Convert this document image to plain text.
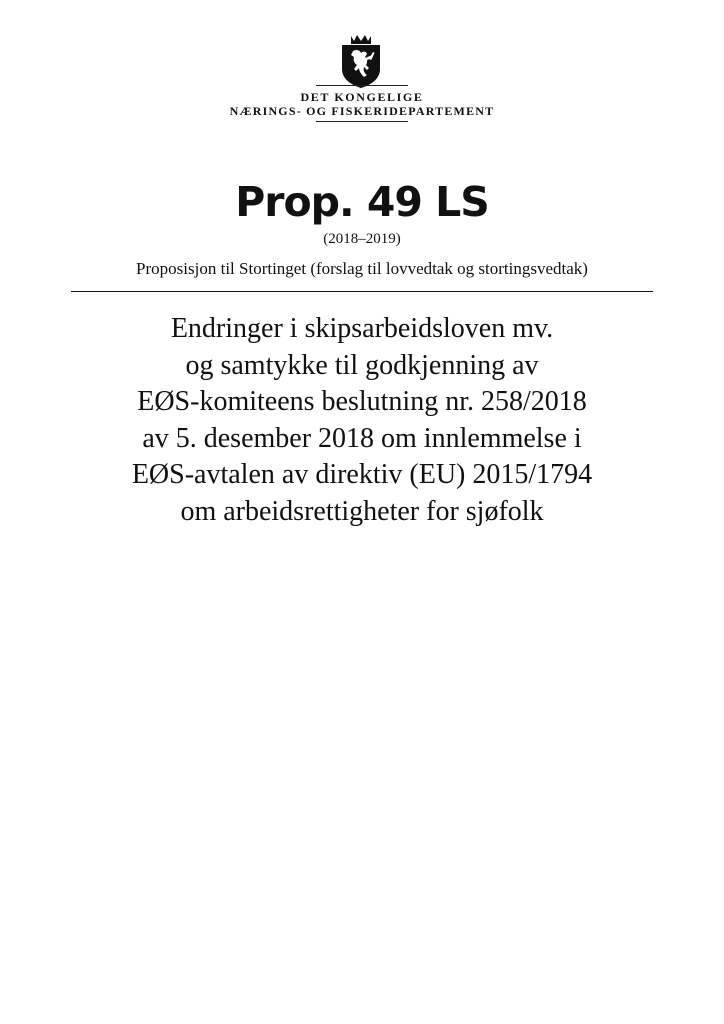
DET KONGELIGE
NÆRINGS- OG FISKERIDEPARTEMENT
Prop. 49 LS
(2018–2019)
Proposisjon til Stortinget (forslag til lovvedtak og stortingsvedtak)
Endringer i skipsarbeidsloven mv.
og samtykke til godkjenning av
EØS-komiteens beslutning nr. 258/2018
av 5. desember 2018 om innlemmelse i
EØS-avtalen av direktiv (EU) 2015/1794
om arbeidsrettigheter for sjøfolk
